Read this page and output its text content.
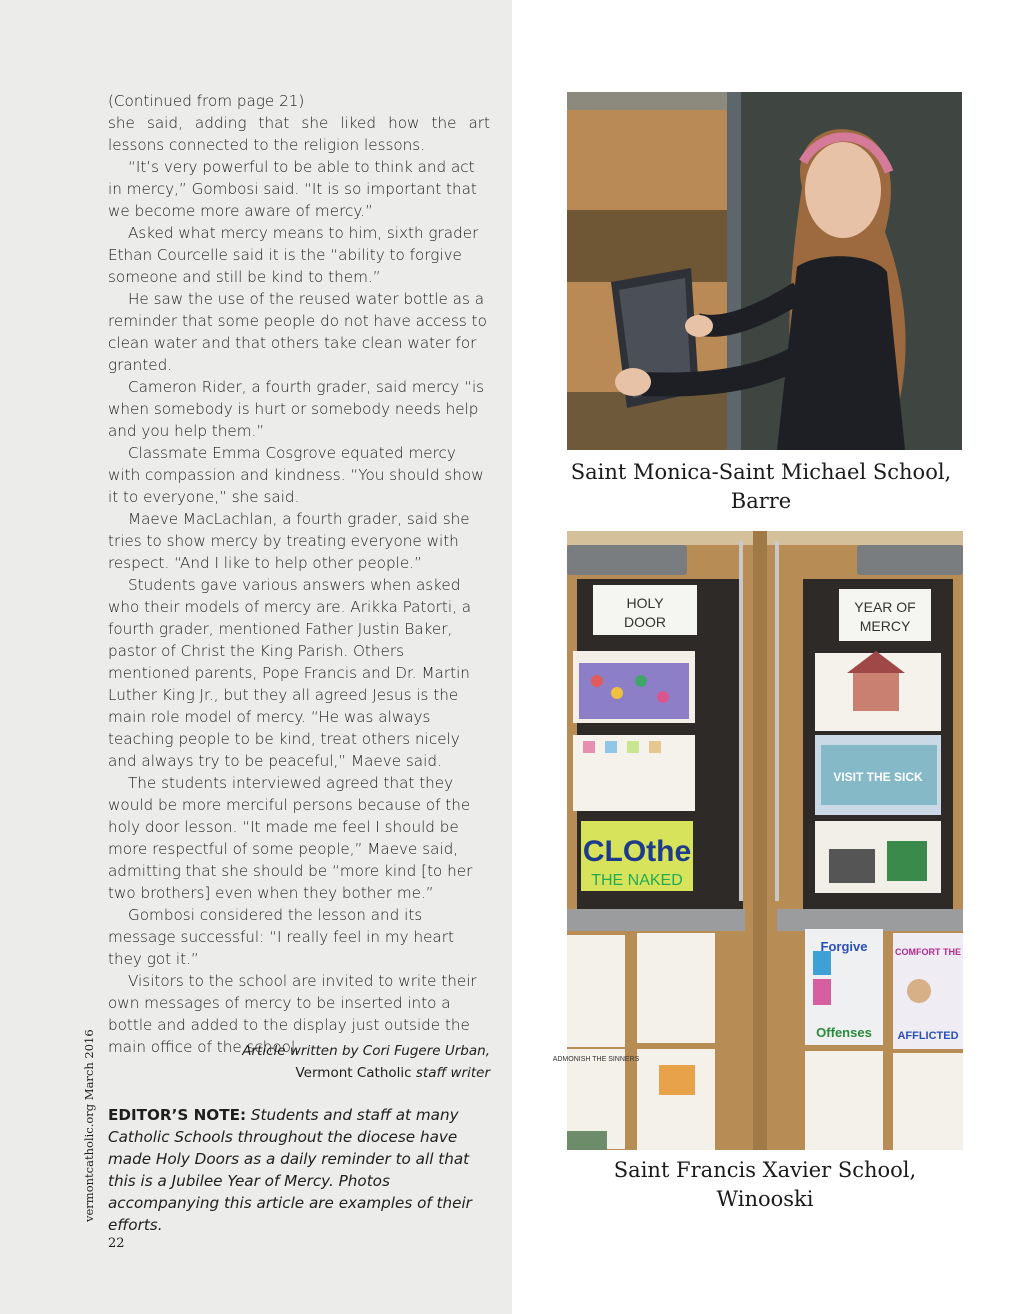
(Continued from page 21)

she said, adding that she liked how the art lessons connected to the religion lessons.

“It’s very powerful to be able to think and act in mercy,” Gombosi said. “It is so important that we become more aware of mercy.”

Asked what mercy means to him, sixth grader Ethan Courcelle said it is the “ability to forgive someone and still be kind to them.”

He saw the use of the reused water bottle as a reminder that some people do not have access to clean water and that others take clean water for granted.

Cameron Rider, a fourth grader, said mercy “is when somebody is hurt or somebody needs help and you help them.”

Classmate Emma Cosgrove equated mercy with compassion and kindness. “You should show it to everyone,” she said.

Maeve MacLachlan, a fourth grader, said she tries to show mercy by treating everyone with respect. “And I like to help other people.”

Students gave various answers when asked who their models of mercy are. Arikka Patorti, a fourth grader, mentioned Father Justin Baker, pastor of Christ the King Parish. Others mentioned parents, Pope Francis and Dr. Martin Luther King Jr., but they all agreed Jesus is the main role model of mercy. “He was always teaching people to be kind, treat others nicely and always try to be peaceful,” Maeve said.

The students interviewed agreed that they would be more merciful persons because of the holy door lesson. “It made me feel I should be more respectful of some people,” Maeve said, admitting that she should be “more kind [to her two brothers] even when they bother me.”

Gombosi considered the lesson and its message successful: “I really feel in my heart they got it.”

Visitors to the school are invited to write their own messages of mercy to be inserted into a bottle and added to the display just outside the main office of the school.

Article written by Cori Fugere Urban,
Vermont Catholic staff writer
EDITOR’S NOTE: Students and staff at many Catholic Schools throughout the diocese have made Holy Doors as a daily reminder to all that this is a Jubilee Year of Mercy. Photos accompanying this article are examples of their efforts.
vermontcatholic.org March 2016
22
Saint Monica-Saint Michael School,
Barre
HOLY
DOOR
YEAR OF
MERCY
CLOthe
THE NAKED
VISIT THE SICK
Forgive
Offenses
COMFORT THE
AFFLICTED
ADMONISH THE SINNERS
Saint Francis Xavier School,
Winooski
